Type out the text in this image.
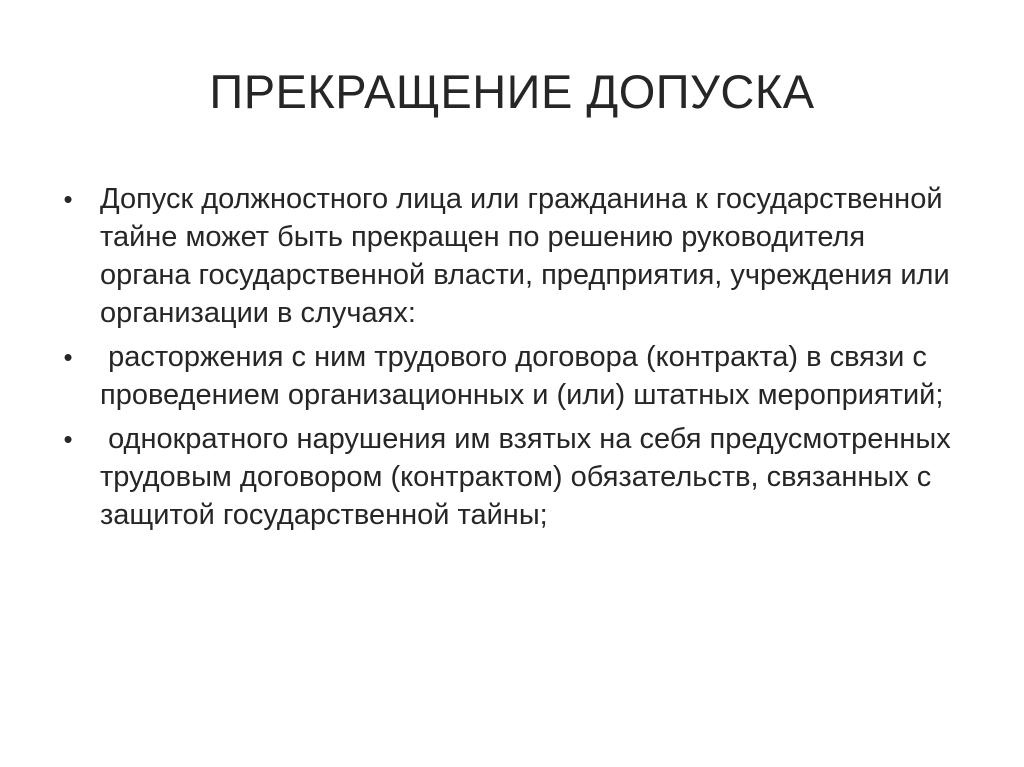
ПРЕКРАЩЕНИЕ ДОПУСКА
• Допуск должностного лица или гражданина к государственной тайне может быть прекращен по решению руководителя органа государственной власти, предприятия, учреждения или организации в случаях:
• расторжения с ним трудового договора (контракта) в связи с проведением организационных и (или) штатных мероприятий;
• однократного нарушения им взятых на себя предусмотренных трудовым договором (контрактом) обязательств, связанных с защитой государственной тайны;
